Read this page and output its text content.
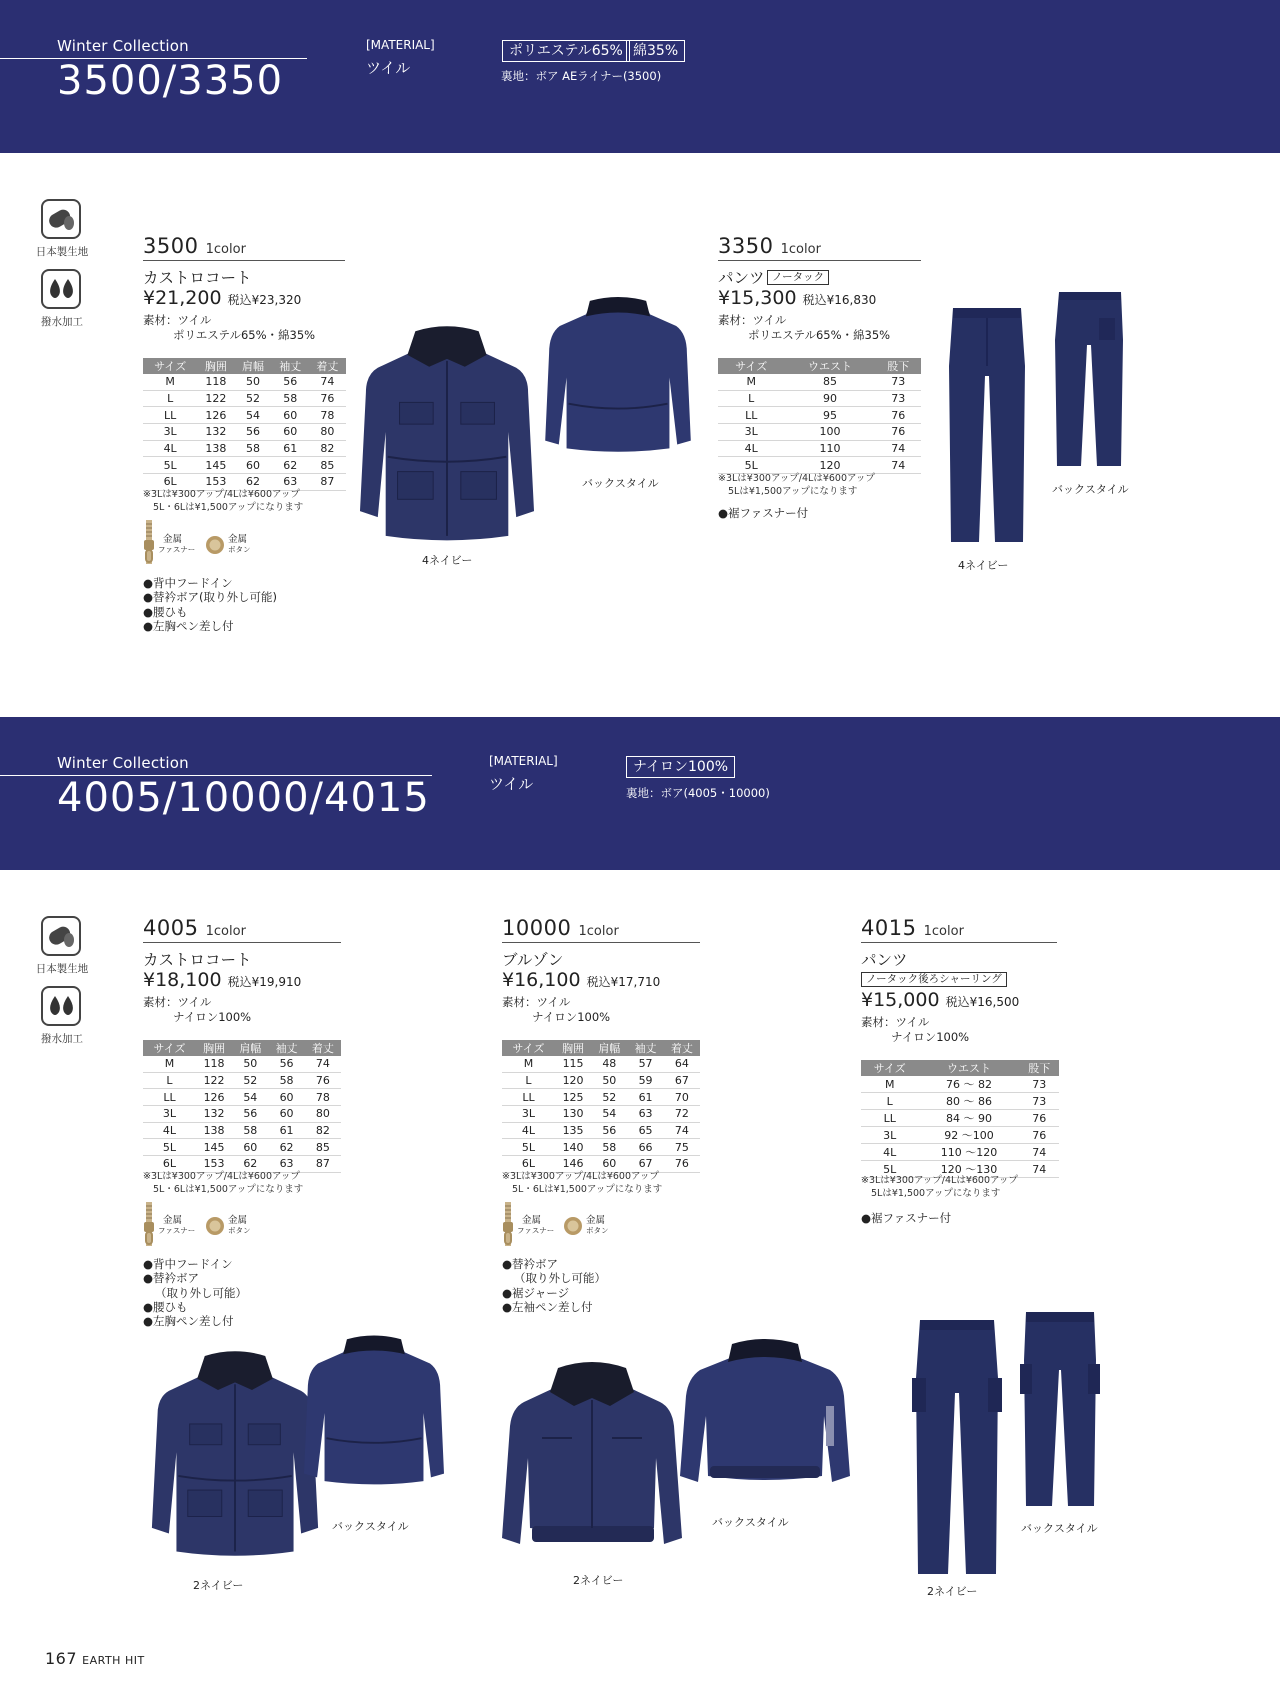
Winter Collection
3500/3350
[MATERIAL]
ツイル
ポリエステル65% 綿35%
裏地：ボア AEライナー(3500)
日本製生地
撥水加工
3500 1color
カストロコート
¥21,200 税込¥23,320
素材：ツイル
ポリエステル65%・綿35%
サイズ	胸囲	肩幅	袖丈	着丈
M	118	50	56	74
L	122	52	58	76
LL	126	54	60	78
3L	132	56	60	80
4L	138	58	61	82
5L	145	60	62	85
6L	153	62	63	87
※3Lは¥300アップ/4Lは¥600アップ
5L・6Lは¥1,500アップになります
金属
ファスナー
金属
ボタン
●背中フードイン
●替衿ボア(取り外し可能)
●腰ひも
●左胸ペン差し付
4ネイビー
バックスタイル
3350 1color
パンツ ノータック
¥15,300 税込¥16,830
素材：ツイル
ポリエステル65%・綿35%
サイズ	ウエスト	股下
M	85	73
L	90	73
LL	95	76
3L	100	76
4L	110	74
5L	120	74
※3Lは¥300アップ/4Lは¥600アップ
5Lは¥1,500アップになります
●裾ファスナー付
4ネイビー
バックスタイル
Winter Collection
4005/10000/4015
[MATERIAL]
ツイル
ナイロン100%
裏地：ボア(4005・10000)
日本製生地
撥水加工
4005 1color
カストロコート
¥18,100 税込¥19,910
素材：ツイル
ナイロン100%
サイズ	胸囲	肩幅	袖丈	着丈
M	118	50	56	74
L	122	52	58	76
LL	126	54	60	78
3L	132	56	60	80
4L	138	58	61	82
5L	145	60	62	85
6L	153	62	63	87
※3Lは¥300アップ/4Lは¥600アップ
5L・6Lは¥1,500アップになります
金属
ファスナー
金属
ボタン
●背中フードイン
●替衿ボア
（取り外し可能）
●腰ひも
●左胸ペン差し付
2ネイビー
バックスタイル
10000 1color
ブルゾン
¥16,100 税込¥17,710
素材：ツイル
ナイロン100%
サイズ	胸囲	肩幅	袖丈	着丈
M	115	48	57	64
L	120	50	59	67
LL	125	52	61	70
3L	130	54	63	72
4L	135	56	65	74
5L	140	58	66	75
6L	146	60	67	76
※3Lは¥300アップ/4Lは¥600アップ
5L・6Lは¥1,500アップになります
金属
ファスナー
金属
ボタン
●替衿ボア
（取り外し可能）
●裾ジャージ
●左袖ペン差し付
2ネイビー
バックスタイル
4015 1color
パンツ
ノータック後ろシャーリング
¥15,000 税込¥16,500
素材：ツイル
ナイロン100%
サイズ	ウエスト	股下
M	76 ～ 82	73
L	80 ～ 86	73
LL	84 ～ 90	76
3L	92 ～100	76
4L	110 ～120	74
5L	120 ～130	74
※3Lは¥300アップ/4Lは¥600アップ
5Lは¥1,500アップになります
●裾ファスナー付
2ネイビー
バックスタイル
167 EARTH HIT
